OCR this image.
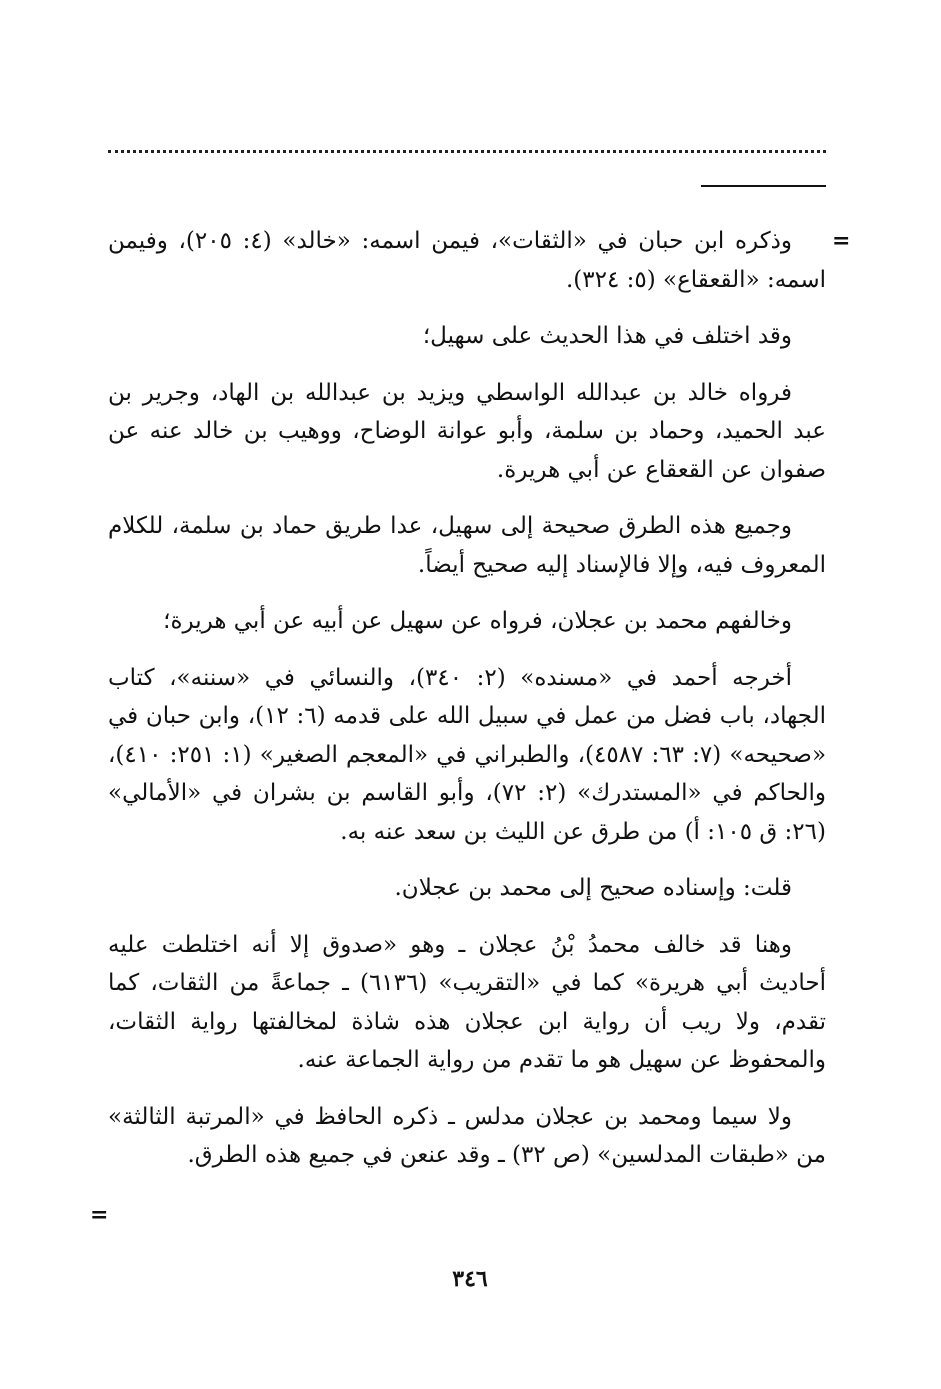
=

وذكره ابن حبان في «الثقات»، فيمن اسمه: «خالد» (٤: ٢٠٥)، وفيمن اسمه: «القعقاع» (٥: ٣٢٤).

وقد اختلف في هذا الحديث على سهيل؛

فرواه خالد بن عبدالله الواسطي ويزيد بن عبدالله بن الهاد، وجرير بن عبد الحميد، وحماد بن سلمة، وأبو عوانة الوضاح، ووهيب بن خالد عنه عن صفوان عن القعقاع عن أبي هريرة.

وجميع هذه الطرق صحيحة إلى سهيل، عدا طريق حماد بن سلمة، للكلام المعروف فيه، وإلا فالإسناد إليه صحيح أيضاً.

وخالفهم محمد بن عجلان، فرواه عن سهيل عن أبيه عن أبي هريرة؛

أخرجه أحمد في «مسنده» (٢: ٣٤٠)، والنسائي في «سننه»، كتاب الجهاد، باب فضل من عمل في سبيل الله على قدمه (٦: ١٢)، وابن حبان في «صحيحه» (٧: ٦٣: ٤٥٨٧)، والطبراني في «المعجم الصغير» (١: ٢٥١: ٤١٠)، والحاكم في «المستدرك» (٢: ٧٢)، وأبو القاسم بن بشران في «الأمالي» (٢٦: ق ١٠٥: أ) من طرق عن الليث بن سعد عنه به.

قلت: وإسناده صحيح إلى محمد بن عجلان.

وهنا قد خالف محمدُ بْنُ عجلان ـ وهو «صدوق إلا أنه اختلطت عليه أحاديث أبي هريرة» كما في «التقريب» (٦١٣٦) ـ جماعةً من الثقات، كما تقدم، ولا ريب أن رواية ابن عجلان هذه شاذة لمخالفتها رواية الثقات، والمحفوظ عن سهيل هو ما تقدم من رواية الجماعة عنه.

ولا سيما ومحمد بن عجلان مدلس ـ ذكره الحافظ في «المرتبة الثالثة» من «طبقات المدلسين» (ص ٣٢) ـ وقد عنعن في جميع هذه الطرق.

=
٣٤٦
